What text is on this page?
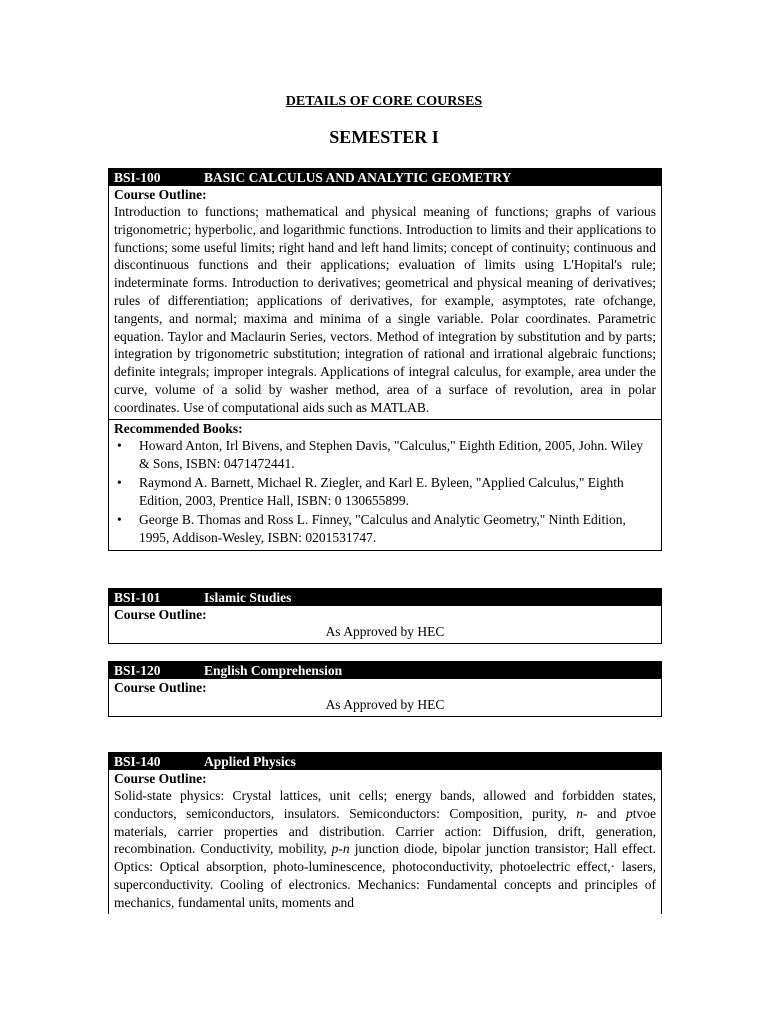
DETAILS OF CORE COURSES
SEMESTER I
BSI-100	BASIC CALCULUS AND ANALYTIC GEOMETRY
Course Outline:
Introduction to functions; mathematical and physical meaning of functions; graphs of various trigonometric; hyperbolic, and logarithmic functions. Introduction to limits and their applications to functions; some useful limits; right hand and left hand limits; concept of continuity; continuous and discontinuous functions and their applications; evaluation of limits using L'Hopital's rule; indeterminate forms. Introduction to derivatives; geometrical and physical meaning of derivatives; rules of differentiation; applications of derivatives, for example, asymptotes, rate ofchange, tangents, and normal; maxima and minima of a single variable. Polar coordinates. Parametric equation. Taylor and Maclaurin Series, vectors. Method of integration by substitution and by parts; integration by trigonometric substitution; integration of rational and irrational algebraic functions; definite integrals; improper integrals. Applications of integral calculus, for example, area under the curve, volume of a solid by washer method, area of a surface of revolution, area in polar coordinates. Use of computational aids such as MATLAB.
Recommended Books:
• Howard Anton, Irl Bivens, and Stephen Davis, "Calculus," Eighth Edition, 2005, John. Wiley & Sons, ISBN: 0471472441.
• Raymond A. Barnett, Michael R. Ziegler, and Karl E. Byleen, "Applied Calculus," Eighth Edition, 2003, Prentice Hall, ISBN: 0 130655899.
• George B. Thomas and Ross L. Finney, "Calculus and Analytic Geometry," Ninth Edition, 1995, Addison-Wesley, ISBN: 0201531747.
BSI-101	Islamic Studies
Course Outline:
As Approved by HEC
BSI-120	English Comprehension
Course Outline:
As Approved by HEC
BSI-140	Applied Physics
Course Outline:
Solid-state physics: Crystal lattices, unit cells; energy bands, allowed and forbidden states, conductors, semiconductors, insulators. Semiconductors: Composition, purity, n- and ptvoe materials, carrier properties and distribution. Carrier action: Diffusion, drift, generation, recombination. Conductivity, mobility, p-n junction diode, bipolar junction transistor; Hall effect. Optics: Optical absorption, photo-luminescence, photoconductivity, photoelectric effect,· lasers, superconductivity. Cooling of electronics. Mechanics: Fundamental concepts and principles of mechanics, fundamental units, moments and
